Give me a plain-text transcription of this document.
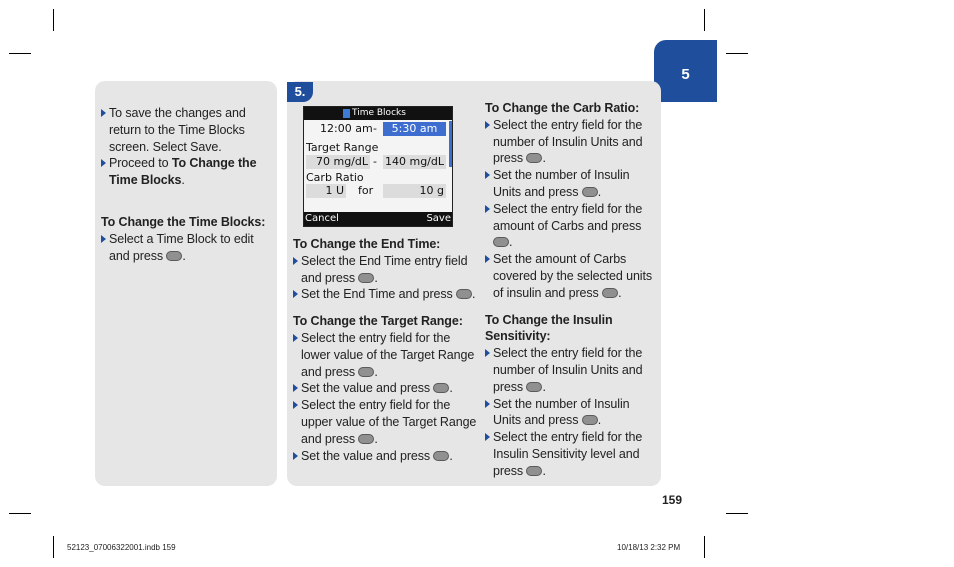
5
To save the changes and return to the Time Blocks screen. Select Save.
Proceed to To Change the Time Blocks.
To Change the Time Blocks:
Select a Time Block to edit and press .
5.
Time Blocks
12:00 am -	5:30 am
Target Range
70 mg/dL - 140 mg/dL
Carb Ratio
1 U for	10 g
Cancel	Save
To Change the End Time:
Select the End Time entry field and press .
Set the End Time and press .
To Change the Target Range:
Select the entry field for the lower value of the Target Range and press .
Set the value and press .
Select the entry field for the upper value of the Target Range and press .
Set the value and press .
To Change the Carb Ratio:
Select the entry field for the number of Insulin Units and press .
Set the number of Insulin Units and press .
Select the entry field for the amount of Carbs and press .
Set the amount of Carbs covered by the selected units of insulin and press .
To Change the Insulin Sensitivity:
Select the entry field for the number of Insulin Units and press .
Set the number of Insulin Units and press .
Select the entry field for the Insulin Sensitivity level and press .
159
52123_07006322001.indb 159	10/18/13 2:32 PM
